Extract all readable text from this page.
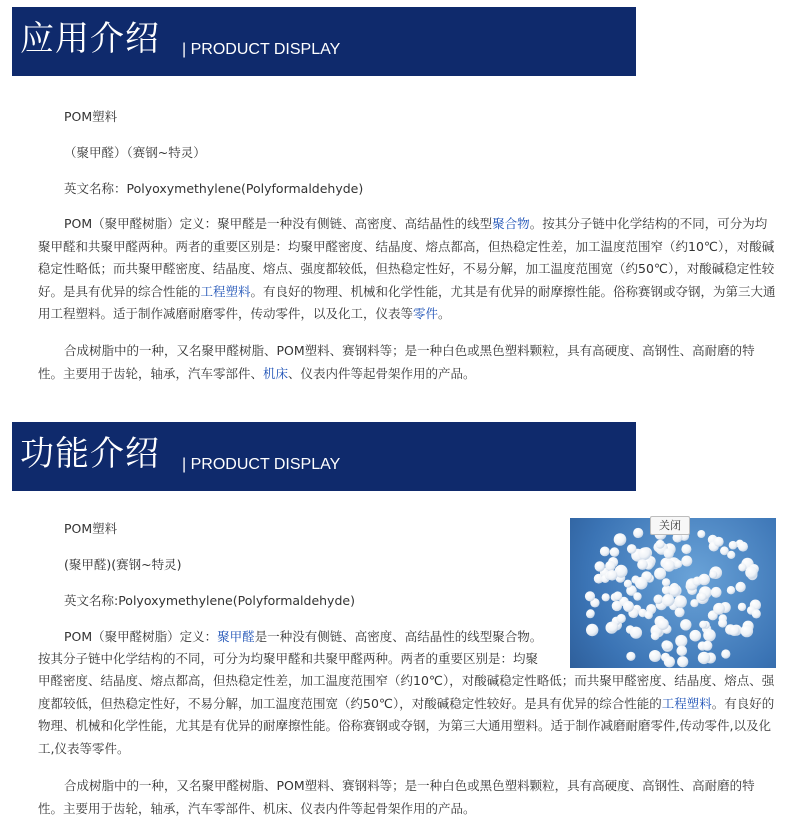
应用介绍 | PRODUCT DISPLAY

POM塑料

（聚甲醛）（赛钢~特灵）

英文名称：Polyoxymethylene(Polyformaldehyde)

POM（聚甲醛树脂）定义：聚甲醛是一种没有侧链、高密度、高结晶性的线型聚合物。按其分子链中化学结构的不同，可分为均聚甲醛和共聚甲醛两种。两者的重要区别是：均聚甲醛密度、结晶度、熔点都高，但热稳定性差，加工温度范围窄（约10℃），对酸碱稳定性略低；而共聚甲醛密度、结晶度、熔点、强度都较低，但热稳定性好，不易分解，加工温度范围宽（约50℃），对酸碱稳定性较好。是具有优异的综合性能的工程塑料。有良好的物理、机械和化学性能，尤其是有优异的耐摩擦性能。俗称赛钢或夺钢，为第三大通用工程塑料。适于制作减磨耐磨零件，传动零件，以及化工，仪表等零件。

合成树脂中的一种，又名聚甲醛树脂、POM塑料、赛钢料等；是一种白色或黑色塑料颗粒，具有高硬度、高钢性、高耐磨的特性。主要用于齿轮，轴承，汽车零部件、机床、仪表内件等起骨架作用的产品。

功能介绍 | PRODUCT DISPLAY

POM塑料

(聚甲醛)(赛钢~特灵)

英文名称:Polyoxymethylene(Polyformaldehyde)

POM（聚甲醛树脂）定义：聚甲醛是一种没有侧链、高密度、高结晶性的线型聚合物。

按其分子链中化学结构的不同，可分为均聚甲醛和共聚甲醛两种。两者的重要区别是：均聚

甲醛密度、结晶度、熔点都高，但热稳定性差，加工温度范围窄（约10℃），对酸碱稳定性略低；而共聚甲醛密度、结晶度、熔点、强度都较低，但热稳定性好，不易分解，加工温度范围宽（约50℃），对酸碱稳定性较好。是具有优异的综合性能的工程塑料。有良好的物理、机械和化学性能，尤其是有优异的耐摩擦性能。俗称赛钢或夺钢，为第三大通用塑料。适于制作减磨耐磨零件,传动零件,以及化工,仪表等零件。

合成树脂中的一种，又名聚甲醛树脂、POM塑料、赛钢料等；是一种白色或黑色塑料颗粒，具有高硬度、高钢性、高耐磨的特性。主要用于齿轮，轴承，汽车零部件、机床、仪表内件等起骨架作用的产品。

关闭
